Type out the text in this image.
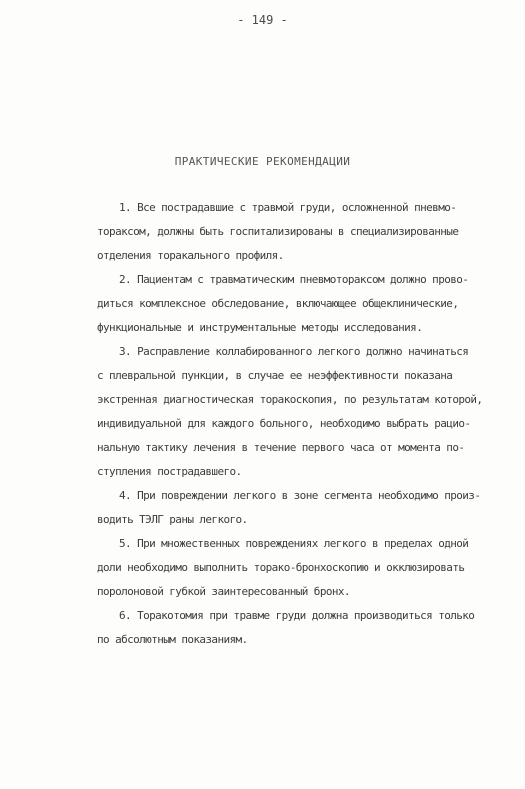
- 149 -
ПРАКТИЧЕСКИЕ РЕКОМЕНДАЦИИ
1. Все пострадавшие с травмой груди, осложненной пневмо-
тораксом, должны быть госпитализированы в специализированные
отделения торакального профиля.
2. Пациентам с травматическим пневмотораксом должно прово-
диться комплексное обследование, включающее общеклинические,
функциональные и инструментальные методы исследования.
3. Расправление коллабированного легкого должно начинаться
с плевральной пункции, в случае ее неэффективности показана
экстренная диагностическая торакоскопия, по результатам которой,
индивидуальной для каждого больного, необходимо выбрать рацио-
нальную тактику лечения в течение первого часа от момента по-
ступления пострадавшего.
4. При повреждении легкого в зоне сегмента необходимо произ-
водить ТЭЛГ раны легкого.
5. При множественных повреждениях легкого в пределах одной
доли необходимо выполнить торако-бронхоскопию и окклюзировать
поролоновой губкой заинтересованный бронх.
6. Торакотомия при травме груди должна производиться только
по абсолютным показаниям.
